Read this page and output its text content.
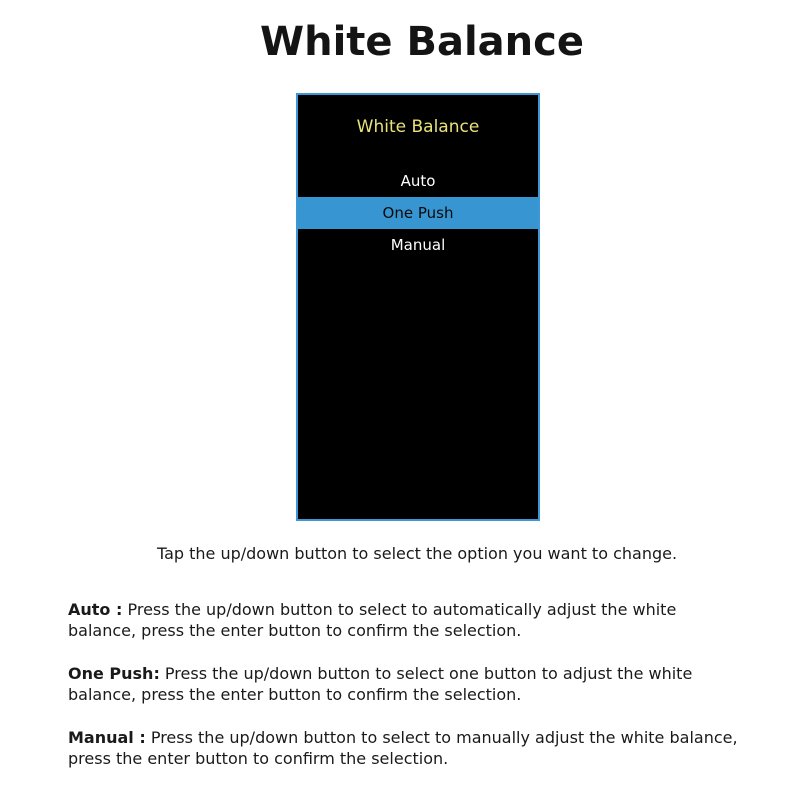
White Balance
White Balance
Auto
One Push
Manual
Tap the up/down button to select the option you want to change.
Auto : Press the up/down button to select to automatically adjust the white balance, press the enter button to confirm the selection.
One Push: Press the up/down button to select one button to adjust the white balance, press the enter button to confirm the selection.
Manual : Press the up/down button to select to manually adjust the white balance, press the enter button to confirm the selection.
